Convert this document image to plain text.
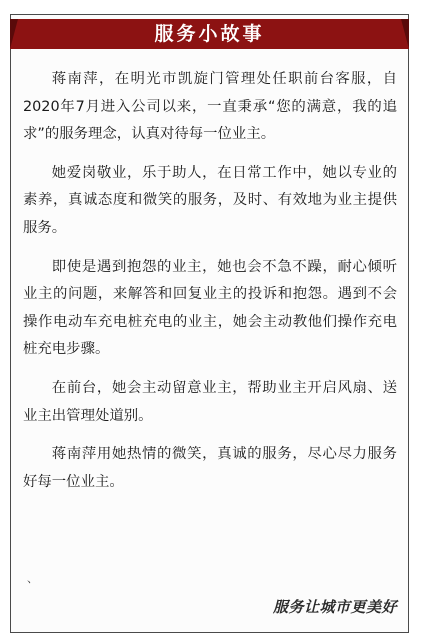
服务小故事

蒋南萍，在明光市凯旋门管理处任职前台客服，自2020年7月进入公司以来，一直秉承“您的满意，我的追求”的服务理念，认真对待每一位业主。

她爱岗敬业，乐于助人，在日常工作中，她以专业的素养，真诚态度和微笑的服务，及时、有效地为业主提供服务。

即使是遇到抱怨的业主，她也会不急不躁，耐心倾听业主的问题，来解答和回复业主的投诉和抱怨。遇到不会操作电动车充电桩充电的业主，她会主动教他们操作充电桩充电步骤。

在前台，她会主动留意业主，帮助业主开启风扇、送业主出管理处道别。

蒋南萍用她热情的微笑，真诚的服务，尽心尽力服务好每一位业主。

、
服务让城市更美好
